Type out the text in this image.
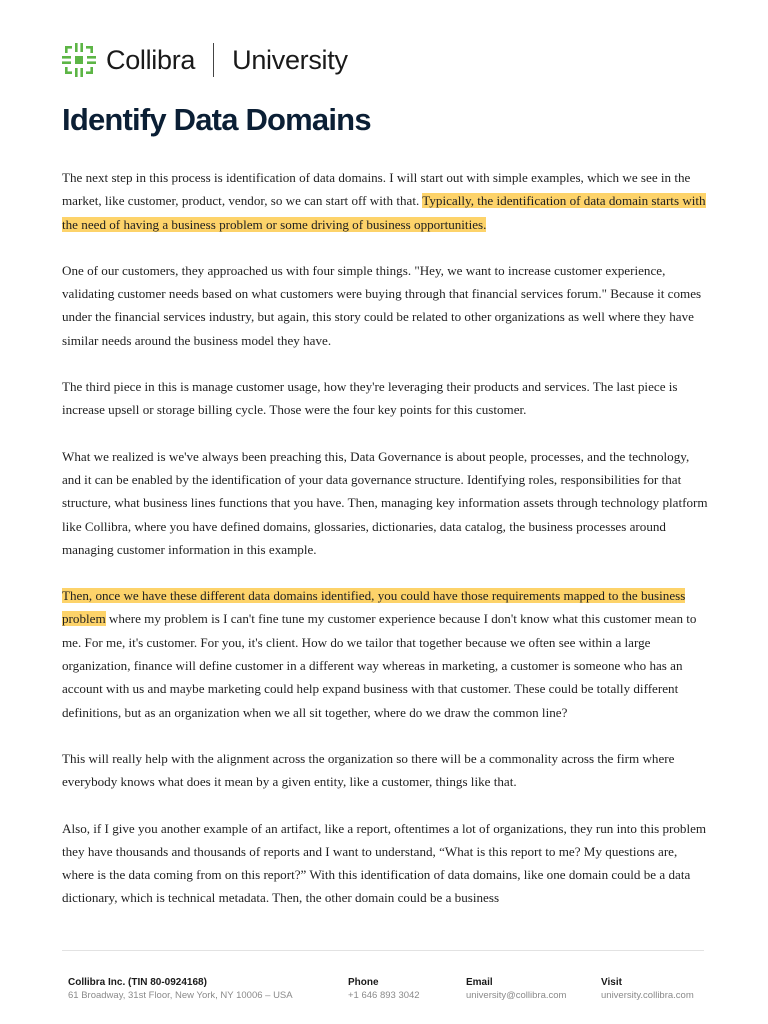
Collibra University
Identify Data Domains

The next step in this process is identification of data domains. I will start out with simple examples, which we see in the market, like customer, product, vendor, so we can start off with that. Typically, the identification of data domain starts with the need of having a business problem or some driving of business opportunities.

One of our customers, they approached us with four simple things. "Hey, we want to increase customer experience, validating customer needs based on what customers were buying through that financial services forum." Because it comes under the financial services industry, but again, this story could be related to other organizations as well where they have similar needs around the business model they have.

The third piece in this is manage customer usage, how they're leveraging their products and services. The last piece is increase upsell or storage billing cycle. Those were the four key points for this customer.

What we realized is we've always been preaching this, Data Governance is about people, processes, and the technology, and it can be enabled by the identification of your data governance structure. Identifying roles, responsibilities for that structure, what business lines functions that you have. Then, managing key information assets through technology platform like Collibra, where you have defined domains, glossaries, dictionaries, data catalog, the business processes around managing customer information in this example.

Then, once we have these different data domains identified, you could have those requirements mapped to the business problem where my problem is I can't fine tune my customer experience because I don't know what this customer mean to me. For me, it's customer. For you, it's client. How do we tailor that together because we often see within a large organization, finance will define customer in a different way whereas in marketing, a customer is someone who has an account with us and maybe marketing could help expand business with that customer. These could be totally different definitions, but as an organization when we all sit together, where do we draw the common line?

This will really help with the alignment across the organization so there will be a commonality across the firm where everybody knows what does it mean by a given entity, like a customer, things like that.

Also, if I give you another example of an artifact, like a report, oftentimes a lot of organizations, they run into this problem they have thousands and thousands of reports and I want to understand, “What is this report to me? My questions are, where is the data coming from on this report?” With this identification of data domains, like one domain could be a data dictionary, which is technical metadata. Then, the other domain could be a business

Collibra Inc. (TIN 80-0924168)
61 Broadway, 31st Floor, New York, NY 10006 – USA
Phone
+1 646 893 3042
Email
university@collibra.com
Visit
university.collibra.com
